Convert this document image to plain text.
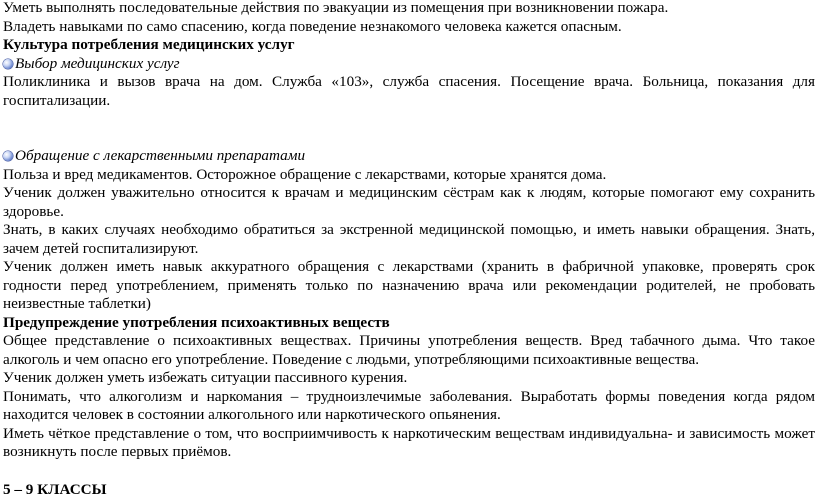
Уметь выполнять последовательные действия по эвакуации из помещения при возникновении пожара.

Владеть навыками по само спасению, когда поведение незнакомого человека кажется опасным.

Культура потребления медицинских услуг

Выбор медицинских услуг

Поликлиника и вызов врача на дом. Служба «103», служба спасения. Посещение врача. Больница, показания для госпитализации.

Обращение с лекарственными препаратами

Польза и вред медикаментов. Осторожное обращение с лекарствами, которые хранятся дома.

Ученик должен уважительно относится к врачам и медицинским сёстрам как к людям, которые помогают ему сохранить здоровье.

Знать, в каких случаях необходимо обратиться за экстренной медицинской помощью, и иметь навыки обращения. Знать, зачем детей госпитализируют.

Ученик должен иметь навык аккуратного обращения с лекарствами (хранить в фабричной упаковке, проверять срок годности перед употреблением, применять только по назначению врача или рекомендации родителей, не пробовать неизвестные таблетки)

Предупреждение употребления психоактивных веществ

Общее представление о психоактивных веществах. Причины употребления веществ. Вред табачного дыма. Что такое алкоголь и чем опасно его употребление. Поведение с людьми, употребляющими психоактивные вещества.

Ученик должен уметь избежать ситуации пассивного курения.

Понимать, что алкоголизм и наркомания – трудноизлечимые заболевания. Выработать формы поведения когда рядом находится человек в состоянии алкогольного или наркотического опьянения.

Иметь чёткое представление о том, что восприимчивость к наркотическим веществам индивидуальна- и зависимость может возникнуть после первых приёмов.

5 – 9 КЛАССЫ
